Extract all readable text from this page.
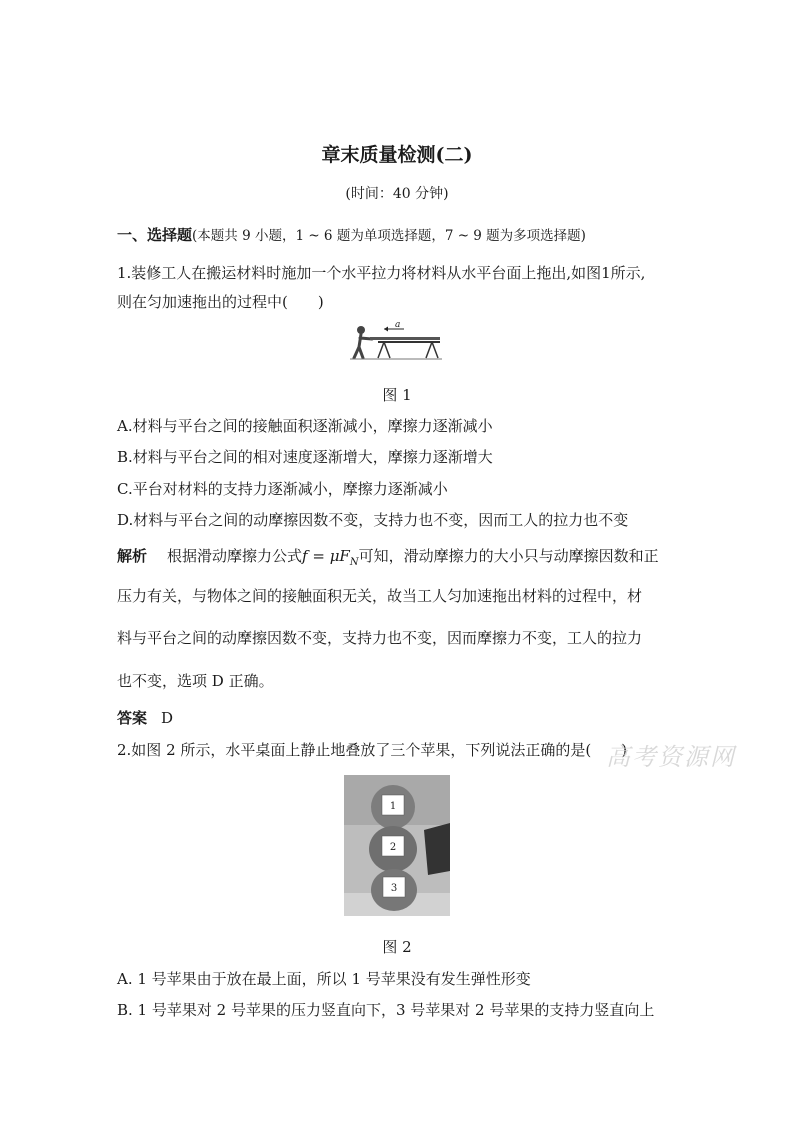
章末质量检测(二)
(时间：40 分钟)
一、选择题(本题共 9 小题，1 ~ 6 题为单项选择题，7 ~ 9 题为多项选择题)
1.装修工人在搬运材料时施加一个水平拉力将材料从水平台面上拖出,如图1所示,
则在匀加速拖出的过程中(　　)
a
图 1
A.材料与平台之间的接触面积逐渐减小，摩擦力逐渐减小
B.材料与平台之间的相对速度逐渐增大，摩擦力逐渐增大
C.平台对材料的支持力逐渐减小，摩擦力逐渐减小
D.材料与平台之间的动摩擦因数不变，支持力也不变，因而工人的拉力也不变
解析 根据滑动摩擦力公式$f = \mu F_N$可知，滑动摩擦力的大小只与动摩擦因数和正
压力有关，与物体之间的接触面积无关，故当工人匀加速拖出材料的过程中，材
料与平台之间的动摩擦因数不变，支持力也不变，因而摩擦力不变，工人的拉力
也不变，选项 D 正确。
答案 D
2.如图 2 所示，水平桌面上静止地叠放了三个苹果，下列说法正确的是(　　)
高考资源网
1
2
3
图 2
A. 1 号苹果由于放在最上面，所以 1 号苹果没有发生弹性形变
B. 1 号苹果对 2 号苹果的压力竖直向下，3 号苹果对 2 号苹果的支持力竖直向上
